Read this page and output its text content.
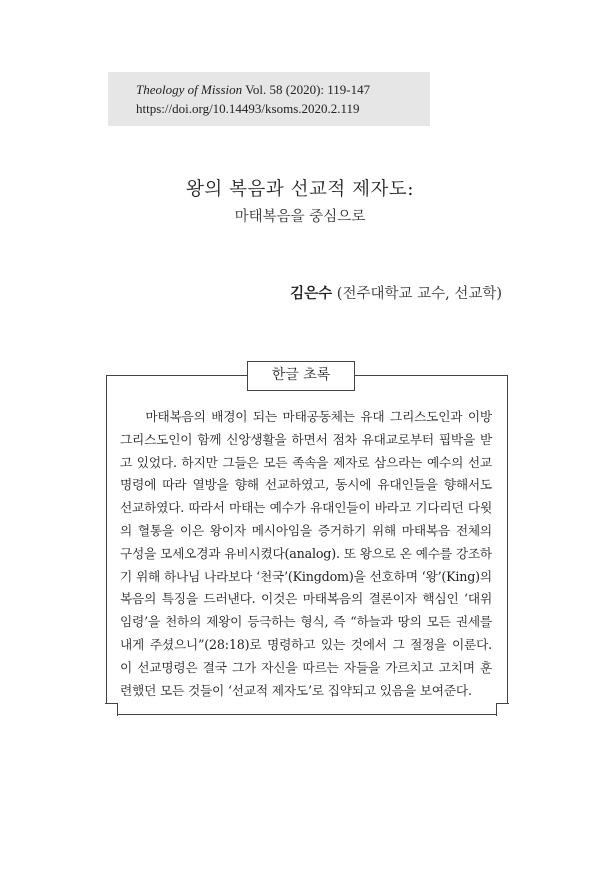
Theology of Mission Vol. 58 (2020): 119-147
https://doi.org/10.14493/ksoms.2020.2.119
왕의 복음과 선교적 제자도:
마태복음을 중심으로
김은수 (전주대학교 교수, 선교학)
한글 초록
마태복음의 배경이 되는 마태공동체는 유대 그리스도인과 이방 그리스도인이 함께 신앙생활을 하면서 점차 유대교로부터 핍박을 받고 있었다. 하지만 그들은 모든 족속을 제자로 삼으라는 예수의 선교명령에 따라 열방을 향해 선교하였고, 동시에 유대인들을 향해서도 선교하였다. 따라서 마태는 예수가 유대인들이 바라고 기다리던 다윗의 혈통을 이은 왕이자 메시아임을 증거하기 위해 마태복음 전체의 구성을 모세오경과 유비시켰다(analog). 또 왕으로 온 예수를 강조하기 위해 하나님 나라보다 ‘천국’(Kingdom)을 선호하며 ‘왕’(King)의 복음의 특징을 드러낸다. 이것은 마태복음의 결론이자 핵심인 ‘대위임령’을 천하의 제왕이 등극하는 형식, 즉 “하늘과 땅의 모든 권세를 내게 주셨으니”(28:18)로 명령하고 있는 것에서 그 절정을 이룬다. 이 선교명령은 결국 그가 자신을 따르는 자들을 가르치고 고치며 훈련했던 모든 것들이 ‘선교적 제자도’로 집약되고 있음을 보여준다.
